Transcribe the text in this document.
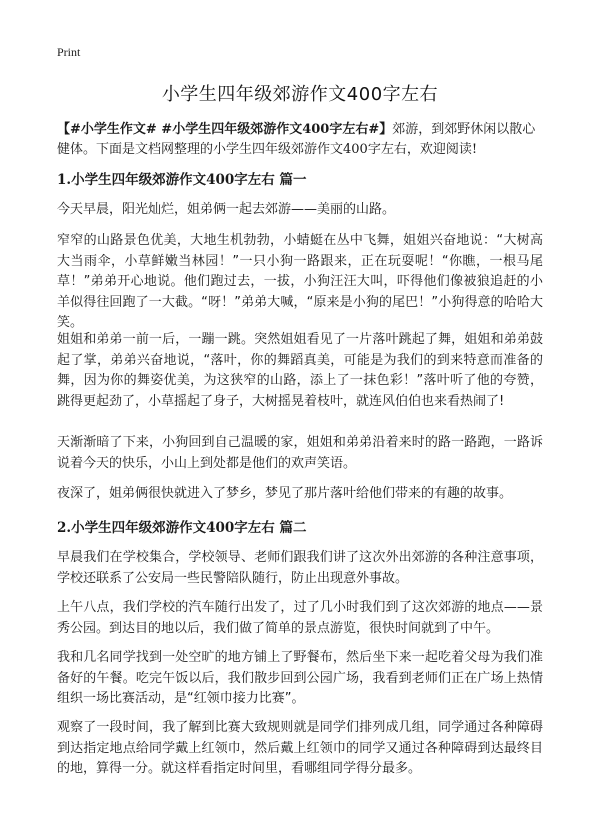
Print
小学生四年级郊游作文400字左右
【#小学生作文# #小学生四年级郊游作文400字左右#】郊游，到郊野休闲以散心健体。下面是文档网整理的小学生四年级郊游作文400字左右，欢迎阅读!
1.小学生四年级郊游作文400字左右 篇一

今天早晨，阳光灿烂，姐弟俩一起去郊游——美丽的山路。

窄窄的山路景色优美，大地生机勃勃，小蜻蜓在丛中飞舞，姐姐兴奋地说：“大树高大当雨伞，小草鲜嫩当林园！”一只小狗一路跟来，正在玩耍呢！“你瞧，一根马尾草！”弟弟开心地说。他们跑过去，一拔，小狗汪汪大叫，吓得他们像被狼追赶的小羊似得往回跑了一大截。“呀！”弟弟大喊，“原来是小狗的尾巴！”小狗得意的哈哈大笑。

姐姐和弟弟一前一后，一蹦一跳。突然姐姐看见了一片落叶跳起了舞，姐姐和弟弟鼓起了掌，弟弟兴奋地说，“落叶，你的舞蹈真美，可能是为我们的到来特意而准备的舞，因为你的舞姿优美，为这狭窄的山路，添上了一抹色彩！”落叶听了他的夸赞，跳得更起劲了，小草摇起了身子，大树摇晃着枝叶，就连风伯伯也来看热闹了!

天渐渐暗了下来，小狗回到自己温暖的家，姐姐和弟弟沿着来时的路一路跑，一路诉说着今天的快乐，小山上到处都是他们的欢声笑语。

夜深了，姐弟俩很快就进入了梦乡，梦见了那片落叶给他们带来的有趣的故事。

2.小学生四年级郊游作文400字左右 篇二

早晨我们在学校集合，学校领导、老师们跟我们讲了这次外出郊游的各种注意事项，学校还联系了公安局一些民警陪队随行，防止出现意外事故。

上午八点，我们学校的汽车随行出发了，过了几小时我们到了这次郊游的地点——景秀公园。到达目的地以后，我们做了简单的景点游览，很快时间就到了中午。

我和几名同学找到一处空旷的地方铺上了野餐布，然后坐下来一起吃着父母为我们准备好的午餐。吃完午饭以后，我们散步回到公园广场，我看到老师们正在广场上热情组织一场比赛活动，是“红领巾接力比赛”。

观察了一段时间，我了解到比赛大致规则就是同学们排列成几组，同学通过各种障碍到达指定地点给同学戴上红领巾，然后戴上红领巾的同学又通过各种障碍到达最终目的地，算得一分。就这样看指定时间里，看哪组同学得分最多。
